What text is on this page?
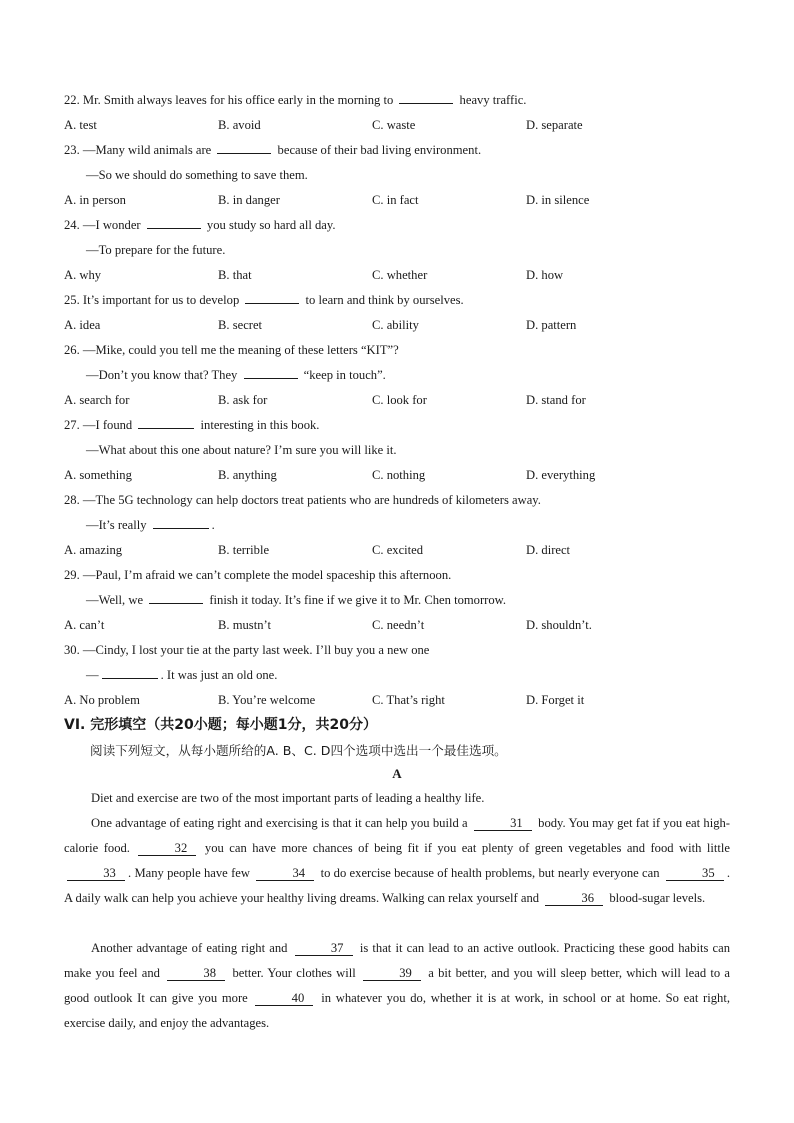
22. Mr. Smith always leaves for his office early in the morning to	heavy traffic.
A. test	B. avoid	C. waste	D. separate
23. —Many wild animals are	because of their bad living environment.
—So we should do something to save them.
A. in person	B. in danger	C. in fact	D. in silence
24. —I wonder	you study so hard all day.
—To prepare for the future.
A. why	B. that	C. whether	D. how
25. It’s important for us to develop	to learn and think by ourselves.
A. idea	B. secret	C. ability	D. pattern
26. —Mike, could you tell me the meaning of these letters “KIT”?
—Don’t you know that? They	“keep in touch”.
A. search for	B. ask for	C. look for	D. stand for
27. —I found	interesting in this book.
—What about this one about nature? I’m sure you will like it.
A. something	B. anything	C. nothing	D. everything
28. —The 5G technology can help doctors treat patients who are hundreds of kilometers away.
—It’s really	.
A. amazing	B. terrible	C. excited	D. direct
29. —Paul, I’m afraid we can’t complete the model spaceship this afternoon.
—Well, we	finish it today. It’s fine if we give it to Mr. Chen tomorrow.
A. can’t	B. mustn’t	C. needn’t	D. shouldn’t.
30. —Cindy, I lost your tie at the party last week. I’ll buy you a new one
—	. It was just an old one.
A. No problem	B. You’re welcome	C. That’s right	D. Forget it
VI. 完形填空（共20小题；每小题1分，共20分）
阅读下列短文，从每小题所给的A. B、C. D四个选项中选出一个最佳选项。
A
Diet and exercise are two of the most important parts of leading a healthy life.
One advantage of eating right and exercising is that it can help you build a	31 body. You may get fat if you eat high-calorie food.	32 you can have more chances of being fit if you eat plenty of green vegetables and food with little 33 . Many people have few	34 to do exercise because of health problems, but nearly everyone can	35 . A daily walk can help you achieve your healthy living dreams. Walking can relax yourself and	36 blood-sugar levels.
Another advantage of eating right and	37 is that it can lead to an active outlook. Practicing these good habits can make you feel and	38 better. Your clothes will	39 a bit better, and you will sleep better, which will lead to a good outlook It can give you more	40 in whatever you do, whether it is at work, in school or at home. So eat right, exercise daily, and enjoy the advantages.
